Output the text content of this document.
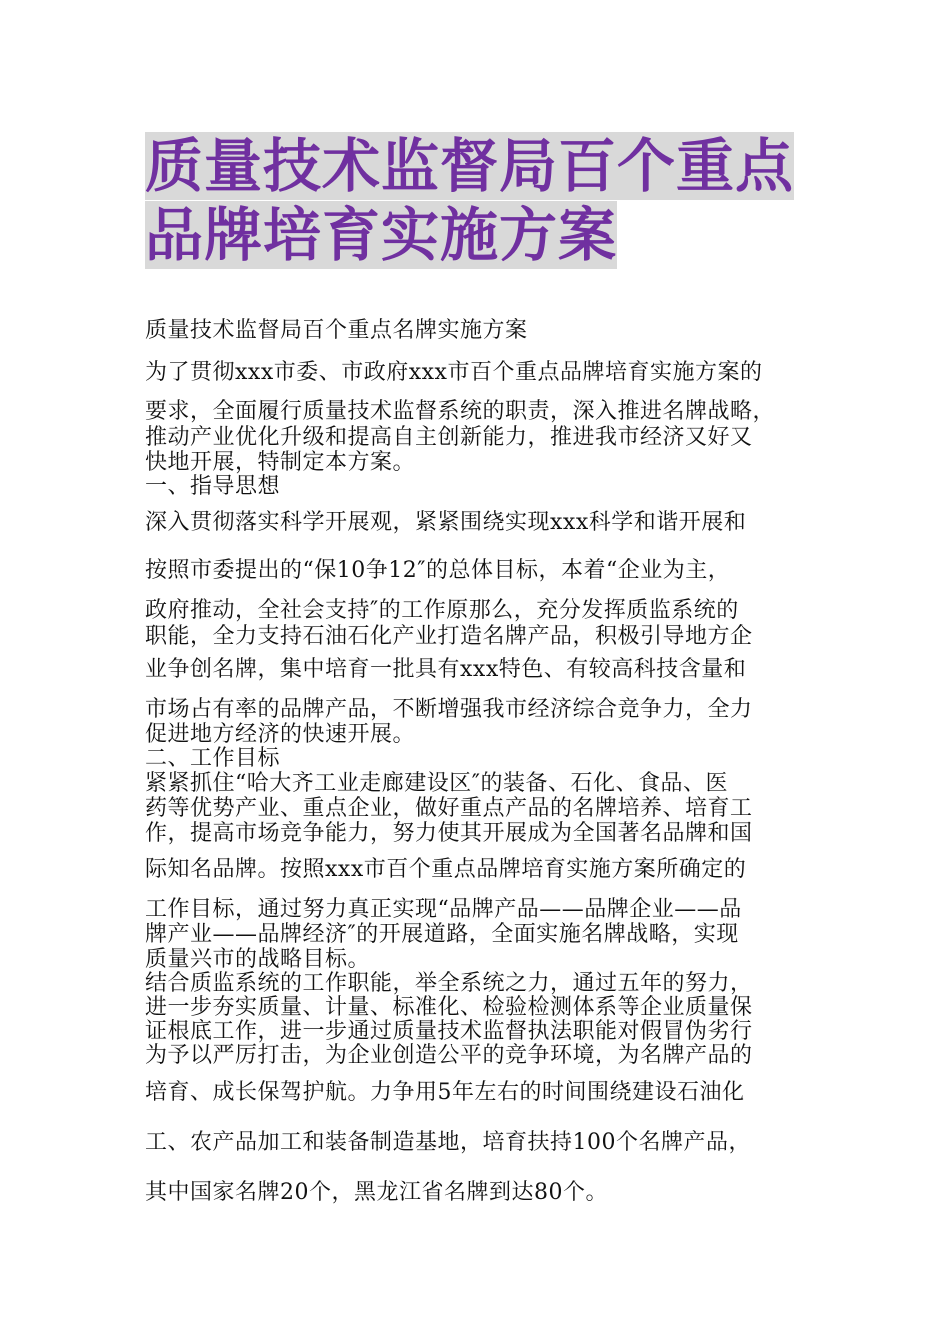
质量技术监督局百个重点
品牌培育实施方案
质量技术监督局百个重点名牌实施方案
为了贯彻xxx市委、市政府xxx市百个重点品牌培育实施方案的
要求，全面履行质量技术监督系统的职责，深入推进名牌战略，
推动产业优化升级和提高自主创新能力，推进我市经济又好又
快地开展，特制定本方案。
一、指导思想
深入贯彻落实科学开展观，紧紧围绕实现xxx科学和谐开展和
按照市委提出的“保10争12″的总体目标，本着“企业为主，
政府推动，全社会支持″的工作原那么，充分发挥质监系统的
职能，全力支持石油石化产业打造名牌产品，积极引导地方企
业争创名牌，集中培育一批具有xxx特色、有较高科技含量和
市场占有率的品牌产品，不断增强我市经济综合竞争力，全力
促进地方经济的快速开展。
二、工作目标
紧紧抓住“哈大齐工业走廊建设区″的装备、石化、食品、医
药等优势产业、重点企业，做好重点产品的名牌培养、培育工
作，提高市场竞争能力，努力使其开展成为全国著名品牌和国
际知名品牌。按照xxx市百个重点品牌培育实施方案所确定的
工作目标，通过努力真正实现“品牌产品——品牌企业——品
牌产业——品牌经济″的开展道路，全面实施名牌战略，实现
质量兴市的战略目标。
结合质监系统的工作职能，举全系统之力，通过五年的努力，
进一步夯实质量、计量、标准化、检验检测体系等企业质量保
证根底工作，进一步通过质量技术监督执法职能对假冒伪劣行
为予以严厉打击，为企业创造公平的竞争环境，为名牌产品的
培育、成长保驾护航。力争用5年左右的时间围绕建设石油化
工、农产品加工和装备制造基地，培育扶持100个名牌产品，
其中国家名牌20个，黑龙江省名牌到达80个。
